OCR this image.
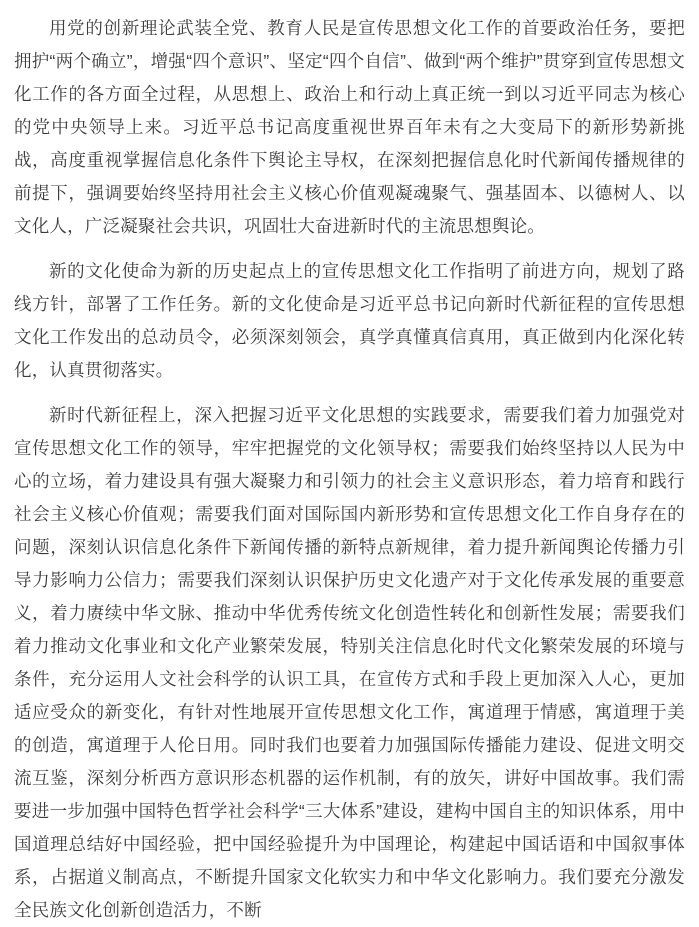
用党的创新理论武装全党、教育人民是宣传思想文化工作的首要政治任务，要把拥护“两个确立”，增强“四个意识”、坚定“四个自信”、做到“两个维护”贯穿到宣传思想文化工作的各方面全过程，从思想上、政治上和行动上真正统一到以习近平同志为核心的党中央领导上来。习近平总书记高度重视世界百年未有之大变局下的新形势新挑战，高度重视掌握信息化条件下舆论主导权，在深刻把握信息化时代新闻传播规律的前提下，强调要始终坚持用社会主义核心价值观凝魂聚气、强基固本、以德树人、以文化人，广泛凝聚社会共识，巩固壮大奋进新时代的主流思想舆论。

新的文化使命为新的历史起点上的宣传思想文化工作指明了前进方向，规划了路线方针，部署了工作任务。新的文化使命是习近平总书记向新时代新征程的宣传思想文化工作发出的总动员令，必须深刻领会，真学真懂真信真用，真正做到内化深化转化，认真贯彻落实。

新时代新征程上，深入把握习近平文化思想的实践要求，需要我们着力加强党对宣传思想文化工作的领导，牢牢把握党的文化领导权；需要我们始终坚持以人民为中心的立场，着力建设具有强大凝聚力和引领力的社会主义意识形态，着力培育和践行社会主义核心价值观；需要我们面对国际国内新形势和宣传思想文化工作自身存在的问题，深刻认识信息化条件下新闻传播的新特点新规律，着力提升新闻舆论传播力引导力影响力公信力；需要我们深刻认识保护历史文化遗产对于文化传承发展的重要意义，着力赓续中华文脉、推动中华优秀传统文化创造性转化和创新性发展；需要我们着力推动文化事业和文化产业繁荣发展，特别关注信息化时代文化繁荣发展的环境与条件，充分运用人文社会科学的认识工具，在宣传方式和手段上更加深入人心，更加适应受众的新变化，有针对性地展开宣传思想文化工作，寓道理于情感，寓道理于美的创造，寓道理于人伦日用。同时我们也要着力加强国际传播能力建设、促进文明交流互鉴，深刻分析西方意识形态机器的运作机制，有的放矢，讲好中国故事。我们需要进一步加强中国特色哲学社会科学“三大体系”建设，建构中国自主的知识体系，用中国道理总结好中国经验，把中国经验提升为中国理论，构建起中国话语和中国叙事体系，占据道义制高点，不断提升国家文化软实力和中华文化影响力。我们要充分激发全民族文化创新创造活力，不断
